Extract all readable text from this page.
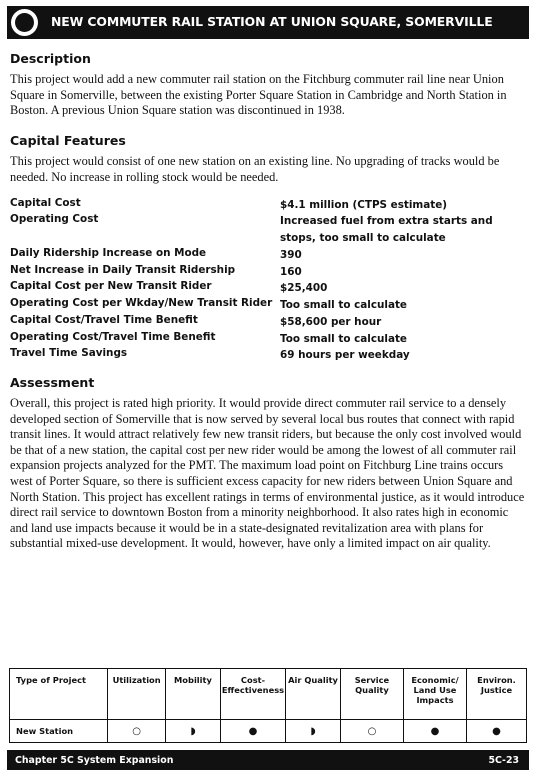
NEW COMMUTER RAIL STATION AT UNION SQUARE, SOMERVILLE
Description
This project would add a new commuter rail station on the Fitchburg commuter rail line near Union Square in Somerville, between the existing Porter Square Station in Cambridge and North Station in Boston. A previous Union Square station was discontinued in 1938.
Capital Features
This project would consist of one new station on an existing line. No upgrading of tracks would be needed. No increase in rolling stock would be needed.
Capital Cost	$4.1 million (CTPS estimate)
Operating Cost	Increased fuel from extra starts and stops, too small to calculate
Daily Ridership Increase on Mode	390
Net Increase in Daily Transit Ridership	160
Capital Cost per New Transit Rider	$25,400
Operating Cost per Wkday/New Transit Rider Too small to calculate
Capital Cost/Travel Time Benefit	$58,600 per hour
Operating Cost/Travel Time Benefit	Too small to calculate
Travel Time Savings	69 hours per weekday
Assessment
Overall, this project is rated high priority. It would provide direct commuter rail service to a densely developed section of Somerville that is now served by several local bus routes that connect with rapid transit lines. It would attract relatively few new transit riders, but because the only cost involved would be that of a new station, the capital cost per new rider would be among the lowest of all commuter rail expansion projects analyzed for the PMT. The maximum load point on Fitchburg Line trains occurs west of Porter Square, so there is sufficient excess capacity for new riders between Union Square and North Station. This project has excellent ratings in terms of environmental justice, as it would introduce direct rail service to downtown Boston from a minority neighborhood. It also rates high in economic and land use impacts because it would be in a state-designated revitalization area with plans for substantial mixed-use development. It would, however, have only a limited impact on air quality.
Type of Project	Utilization	Mobility	Cost-Effectiveness	Air Quality	Service Quality	Economic/ Land Use Impacts	Environ. Justice
New Station	○	◗	●	◗	○	●	●
Chapter 5C System Expansion	5C-23
